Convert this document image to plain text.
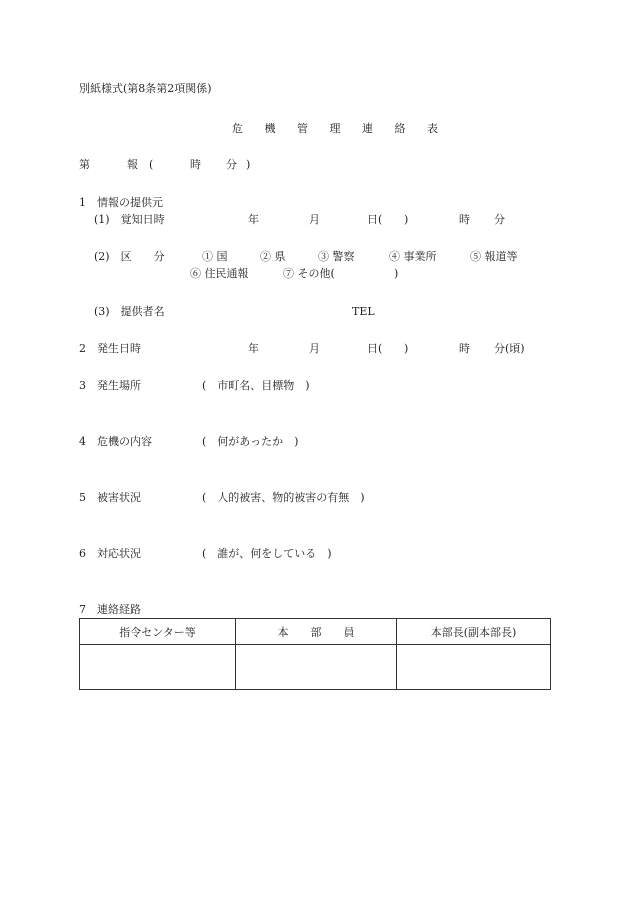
別紙様式(第8条第2項関係)
危 機 管 理 連 絡 表
第	報 (	時 分 )
1　情報の提供元
(1)　覚知日時	年	月	日( )	時 分
(2)　区　　分	① 国	② 県	③ 警察	④ 事業所	⑤ 報道等
⑥ 住民通報	⑦ その他(	)
(3)　提供者名	TEL
2　発生日時	年	月	日( )	時 分(頃)
3　発生場所	(　市町名、目標物　)
4　危機の内容	(　何があったか　)
5　被害状況	(　人的被害、物的被害の有無　)
6　対応状況	(　誰が、何をしている　)
7　連絡経路
指令センター等	本　　部　　員	本部長(副本部長)
